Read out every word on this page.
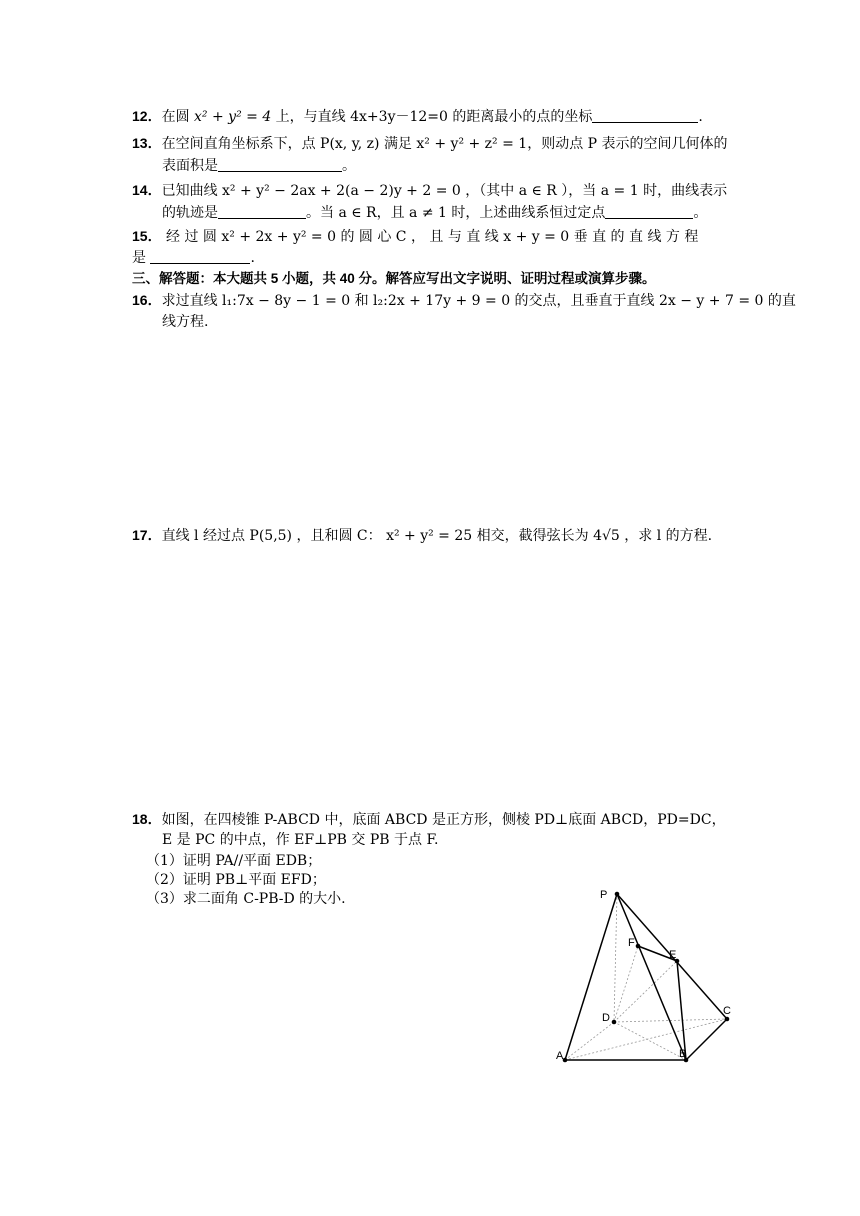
12．在圆 x² + y² = 4 上，与直线 4x+3y－12=0 的距离最小的点的坐标	.
13．在空间直角坐标系下，点 P(x, y, z) 满足 x² + y² + z² = 1，则动点 P 表示的空间几何体的
表面积是	。
14．已知曲线 x² + y² − 2ax + 2(a − 2)y + 2 = 0 ，（其中 a ∈ R ），当 a = 1 时，曲线表示
的轨迹是	。当 a ∈ R，且 a ≠ 1 时，上述曲线系恒过定点	。
15． 经 过 圆 x² + 2x + y² = 0 的 圆 心 C ， 且 与 直 线 x + y = 0 垂 直 的 直 线 方 程
是	.
三、解答题：本大题共 5 小题，共 40 分。解答应写出文字说明、证明过程或演算步骤。
16．求过直线 l₁:7x − 8y − 1 = 0 和 l₂:2x + 17y + 9 = 0 的交点，且垂直于直线 2x − y + 7 = 0 的直
线方程.
17．直线 l 经过点 P(5,5) ，且和圆 C： x² + y² = 25 相交，截得弦长为 4√5 ，求 l 的方程.
18．如图，在四棱锥 P-ABCD 中，底面 ABCD 是正方形，侧棱 PD⊥底面 ABCD，PD=DC，
E 是 PC 的中点，作 EF⊥PB 交 PB 于点 F.
（1）证明 PA//平面 EDB；
（2）证明 PB⊥平面 EFD；
（3）求二面角 C-PB-D 的大小.	P
F
E
D
C
A	B
